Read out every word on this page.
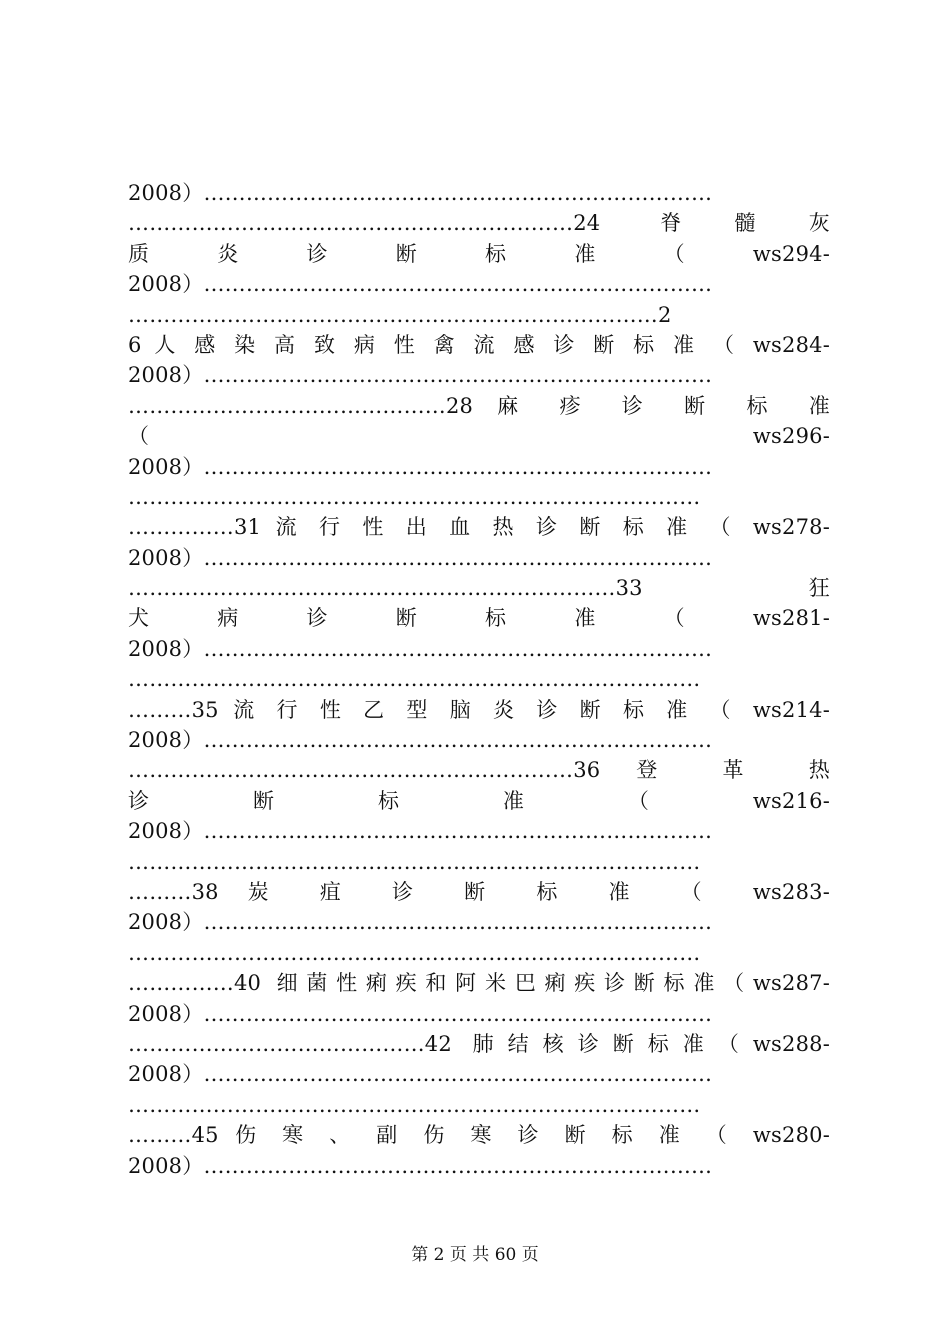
2008）………………………………………………………………
………………………………………………………24 脊髓灰
质 炎 诊 断 标 准 （ ws294-
2008）………………………………………………………………
…………………………………………………………………2
6 人 感 染 高 致 病 性 禽 流 感 诊 断 标 准 （ ws284-
2008）………………………………………………………………
………………………………………28 麻 疹 诊 断 标 准
（ ws296-
2008）………………………………………………………………
………………………………………………………………………
……………31 流 行 性 出 血 热 诊 断 标 准 （ ws278-
2008）………………………………………………………………
……………………………………………………………33 狂
犬 病 诊 断 标 准 （ ws281-
2008）………………………………………………………………
………………………………………………………………………
………35 流 行 性 乙 型 脑 炎 诊 断 标 准 （ ws214-
2008）………………………………………………………………
………………………………………………………36 登 革 热
诊 断 标 准 （ ws216-
2008）………………………………………………………………
………………………………………………………………………
………38 炭 疽 诊 断 标 准 （ ws283-
2008）………………………………………………………………
………………………………………………………………………
……………40 细菌性痢疾和阿米巴痢疾诊断标准（ws287-
2008）………………………………………………………………
……………………………………42 肺结核诊断标准（ws288-
2008）………………………………………………………………
………………………………………………………………………
………45 伤 寒 、 副 伤 寒 诊 断 标 准 （ ws280-
2008）………………………………………………………………
第 2 页 共 60 页
